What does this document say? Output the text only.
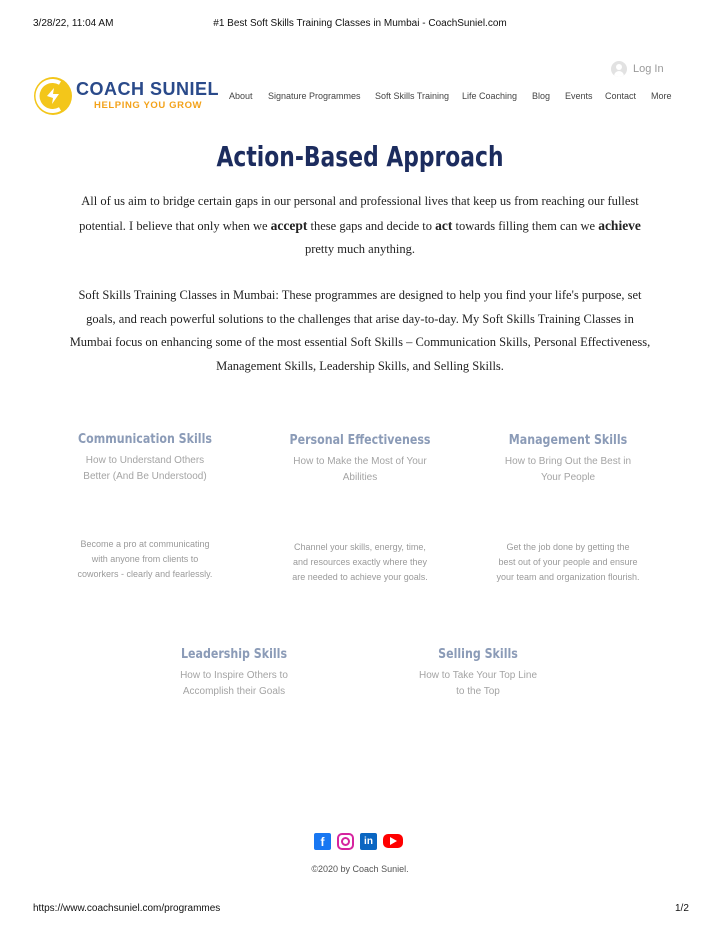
3/28/22, 11:04 AM	#1 Best Soft Skills Training Classes in Mumbai - CoachSuniel.com
Log In
COACH SUNIEL
HELPING YOU GROW
About Signature Programmes Soft Skills Training Life Coaching Blog Events Contact More
Action-Based Approach
All of us aim to bridge certain gaps in our personal and professional lives that keep us from reaching our fullest
potential. I believe that only when we accept these gaps and decide to act towards filling them can we achieve
pretty much anything.
Soft Skills Training Classes in Mumbai: These programmes are designed to help you find your life's purpose, set
goals, and reach powerful solutions to the challenges that arise day-to-day. My Soft Skills Training Classes in
Mumbai focus on enhancing some of the most essential Soft Skills – Communication Skills, Personal Effectiveness,
Management Skills, Leadership Skills, and Selling Skills.
Communication Skills
How to Understand Others
Better (And Be Understood)
Personal Effectiveness
How to Make the Most of Your
Abilities
Management Skills
How to Bring Out the Best in
Your People
Become a pro at communicating
with anyone from clients to
coworkers - clearly and fearlessly.
Channel your skills, energy, time,
and resources exactly where they
are needed to achieve your goals.
Get the job done by getting the
best out of your people and ensure
your team and organization flourish.
Leadership Skills
How to Inspire Others to
Accomplish their Goals
Selling Skills
How to Take Your Top Line
to the Top
f	in
©2020 by Coach Suniel.
https://www.coachsuniel.com/programmes	1/2
